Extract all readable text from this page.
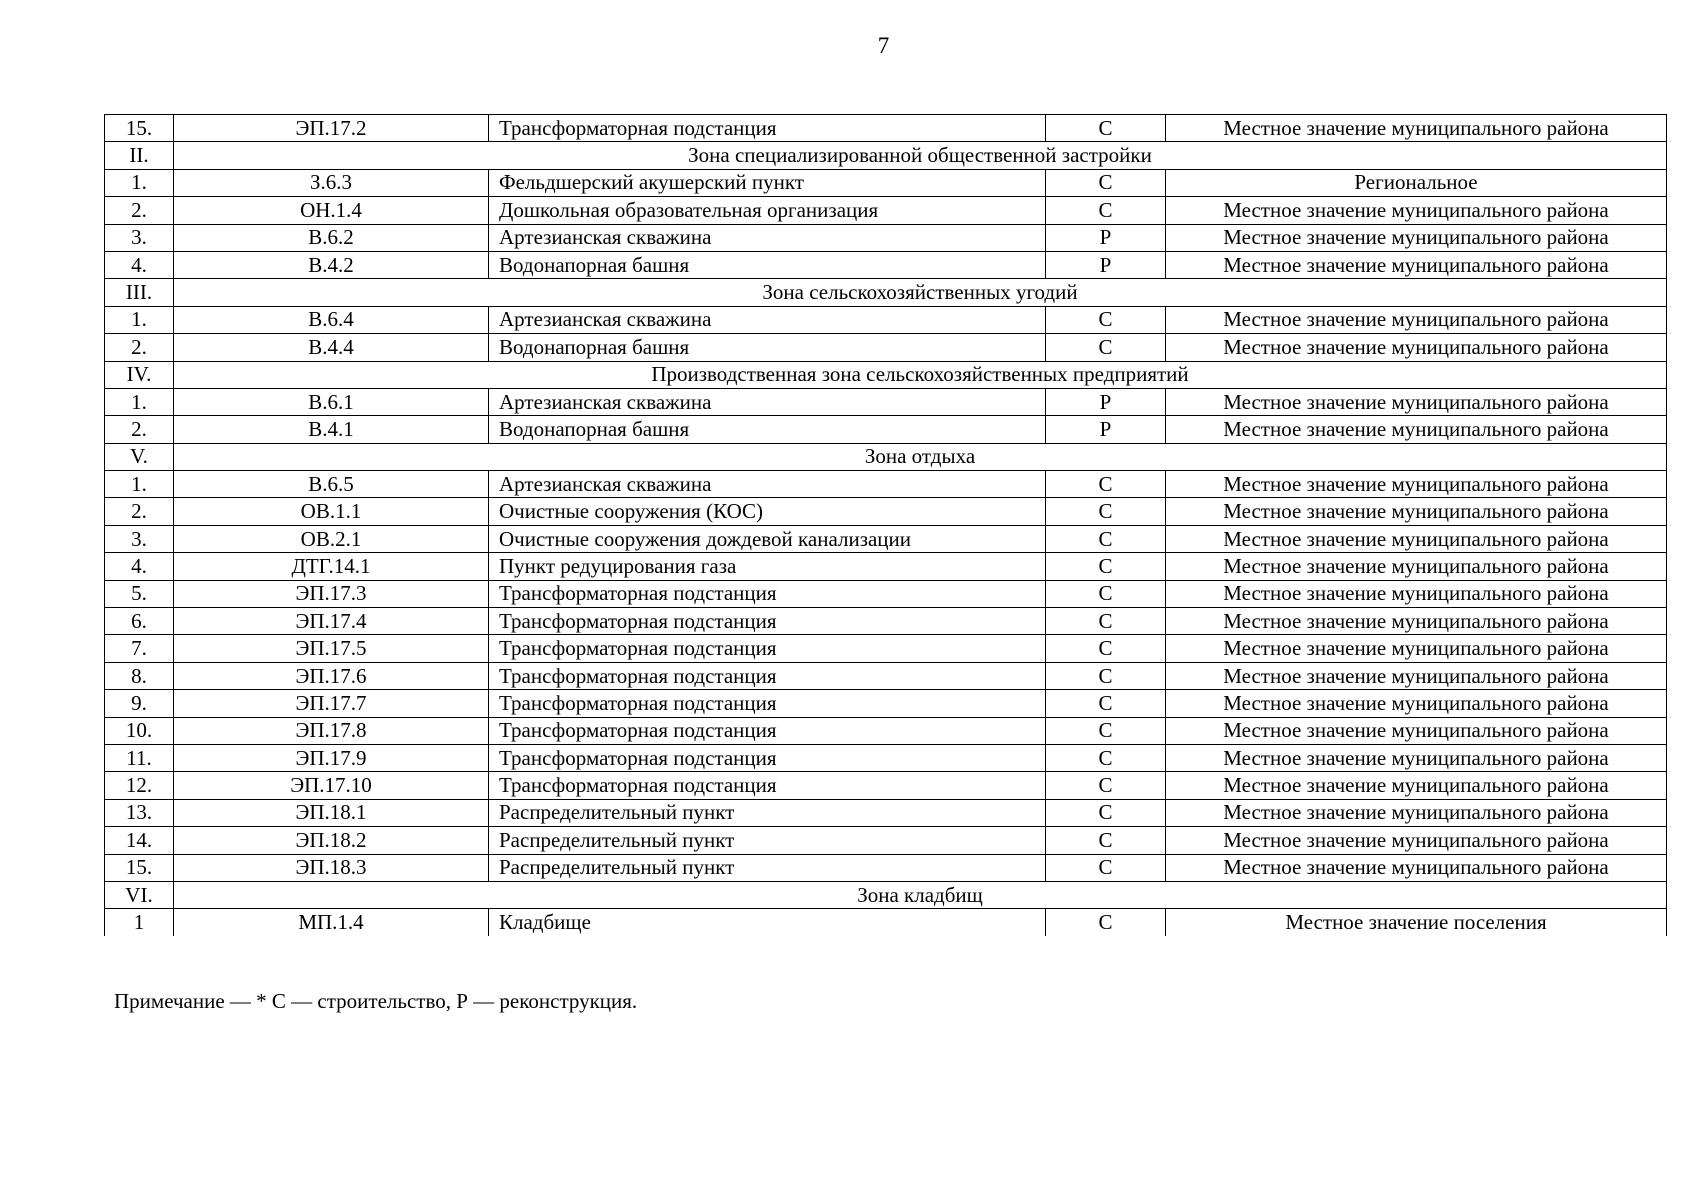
7
15.	ЭП.17.2	Трансформаторная подстанция	С	Местное значение муниципального района
II.	Зона специализированной общественной застройки			
1.	З.6.3	Фельдшерский акушерский пункт	С	Региональное
2.	ОН.1.4	Дошкольная образовательная организация	С	Местное значение муниципального района
3.	В.6.2	Артезианская скважина	Р	Местное значение муниципального района
4.	В.4.2	Водонапорная башня	Р	Местное значение муниципального района
III.	Зона сельскохозяйственных угодий			
1.	В.6.4	Артезианская скважина	С	Местное значение муниципального района
2.	В.4.4	Водонапорная башня	С	Местное значение муниципального района
IV.	Производственная зона сельскохозяйственных предприятий			
1.	В.6.1	Артезианская скважина	Р	Местное значение муниципального района
2.	В.4.1	Водонапорная башня	Р	Местное значение муниципального района
V.	Зона отдыха			
1.	В.6.5	Артезианская скважина	С	Местное значение муниципального района
2.	ОВ.1.1	Очистные сооружения (КОС)	С	Местное значение муниципального района
3.	ОВ.2.1	Очистные сооружения дождевой канализации	С	Местное значение муниципального района
4.	ДТГ.14.1	Пункт редуцирования газа	С	Местное значение муниципального района
5.	ЭП.17.3	Трансформаторная подстанция	С	Местное значение муниципального района
6.	ЭП.17.4	Трансформаторная подстанция	С	Местное значение муниципального района
7.	ЭП.17.5	Трансформаторная подстанция	С	Местное значение муниципального района
8.	ЭП.17.6	Трансформаторная подстанция	С	Местное значение муниципального района
9.	ЭП.17.7	Трансформаторная подстанция	С	Местное значение муниципального района
10.	ЭП.17.8	Трансформаторная подстанция	С	Местное значение муниципального района
11.	ЭП.17.9	Трансформаторная подстанция	С	Местное значение муниципального района
12.	ЭП.17.10	Трансформаторная подстанция	С	Местное значение муниципального района
13.	ЭП.18.1	Распределительный пункт	С	Местное значение муниципального района
14.	ЭП.18.2	Распределительный пункт	С	Местное значение муниципального района
15.	ЭП.18.3	Распределительный пункт	С	Местное значение муниципального района
VI.	Зона кладбищ			
1	МП.1.4	Кладбище	С	Местное значение поселения
Примечание — * С — строительство, Р — реконструкция.
